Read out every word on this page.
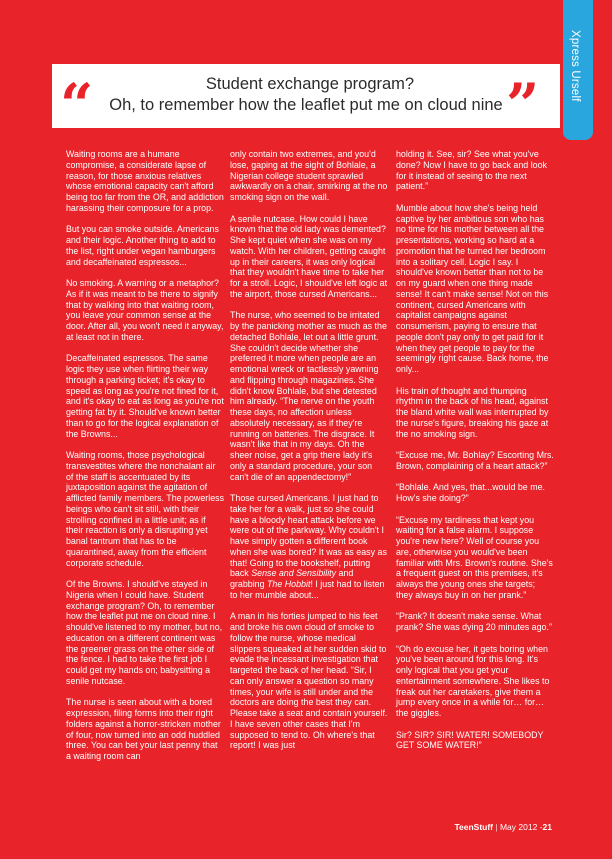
Xpress Urself
“	Student exchange program?
Oh, to remember how the leaflet put me on cloud nine ”

Waiting rooms are a humane compromise, a considerate lapse of reason, for those anxious relatives whose emotional capacity can't afford being too far from the OR, and addiction harassing their composure for a prop.

But you can smoke outside. Americans and their logic. Another thing to add to the list, right under vegan hamburgers and decaffeinated espressos...

No smoking. A warning or a metaphor? As if it was meant to be there to signify that by walking into that waiting room, you leave your common sense at the door. After all, you won't need it anyway, at least not in there.

Decaffeinated espressos. The same logic they use when flirting their way through a parking ticket; it's okay to speed as long as you're not fined for it, and it's okay to eat as long as you're not getting fat by it. Should've known better than to go for the logical explanation of the Browns...

Waiting rooms, those psychological transvestites where the nonchalant air of the staff is accentuated by its juxtaposition against the agitation of afflicted family members. The powerless beings who can't sit still, with their strolling confined in a little unit; as if their reaction is only a disrupting yet banal tantrum that has to be quarantined, away from the efficient corporate schedule.

Of the Browns. I should've stayed in Nigeria when I could have. Student exchange program? Oh, to remember how the leaflet put me on cloud nine. I should've listened to my mother, but no, education on a different continent was the greener grass on the other side of the fence. I had to take the first job I could get my hands on; babysitting a senile nutcase.

The nurse is seen about with a bored expression, filing forms into their right folders against a horror-stricken mother of four, now turned into an odd huddled three. You can bet your last penny that a waiting room can

only contain two extremes, and you'd lose, gaping at the sight of Bohlale, a Nigerian college student sprawled awkwardly on a chair, smirking at the no smoking sign on the wall.

A senile nutcase. How could I have known that the old lady was demented? She kept quiet when she was on my watch. With her children, getting caught up in their careers, it was only logical that they wouldn't have time to take her for a stroll. Logic, I should've left logic at the airport, those cursed Americans...

The nurse, who seemed to be irritated by the panicking mother as much as the detached Bohlale, let out a little grunt. She couldn't decide whether she preferred it more when people are an emotional wreck or tactlessly yawning and flipping through magazines. She didn't know Bohlale, but she detested him already. “The nerve on the youth these days, no affection unless absolutely necessary, as if they're running on batteries. The disgrace. It wasn't like that in my days. Oh the sheer noise, get a grip there lady it's only a standard procedure, your son can't die of an appendectomy!”

Those cursed Americans. I just had to take her for a walk, just so she could have a bloody heart attack before we were out of the parkway. Why couldn't I have simply gotten a different book when she was bored? It was as easy as that! Going to the bookshelf, putting back Sense and Sensibility and grabbing The Hobbit! I just had to listen to her mumble about...

A man in his forties jumped to his feet and broke his own cloud of smoke to follow the nurse, whose medical slippers squeaked at her sudden skid to evade the incessant investigation that targeted the back of her head. “Sir, I can only answer a question so many times, your wife is still under and the doctors are doing the best they can. Please take a seat and contain yourself. I have seven other cases that I'm supposed to tend to. Oh where's that report! I was just

holding it. See, sir? See what you've done? Now I have to go back and look for it instead of seeing to the next patient.”

Mumble about how she's being held captive by her ambitious son who has no time for his mother between all the presentations, working so hard at a promotion that he turned her bedroom into a solitary cell. Logic I say. I should've known better than not to be on my guard when one thing made sense! It can't make sense! Not on this continent, cursed Americans with capitalist campaigns against consumerism, paying to ensure that people don't pay only to get paid for it when they get people to pay for the seemingly right cause. Back home, the only...

His train of thought and thumping rhythm in the back of his head, against the bland white wall was interrupted by the nurse's figure, breaking his gaze at the no smoking sign.

“Excuse me, Mr. Bohlay? Escorting Mrs. Brown, complaining of a heart attack?”

“Bohlale. And yes, that...would be me. How's she doing?”

“Excuse my tardiness that kept you waiting for a false alarm. I suppose you're new here? Well of course you are, otherwise you would've been familiar with Mrs. Brown's routine. She's a frequent guest on this premises, it's always the young ones she targets; they always buy in on her prank.”

“Prank? It doesn't make sense. What prank? She was dying 20 minutes ago.”

“Oh do excuse her, it gets boring when you've been around for this long. It's only logical that you get your entertainment somewhere. She likes to freak out her caretakers, give them a jump every once in a while for… for… the giggles.

Sir? SIR? SIR! WATER! SOMEBODY GET SOME WATER!”

TeenStuff | May 2012 -21
